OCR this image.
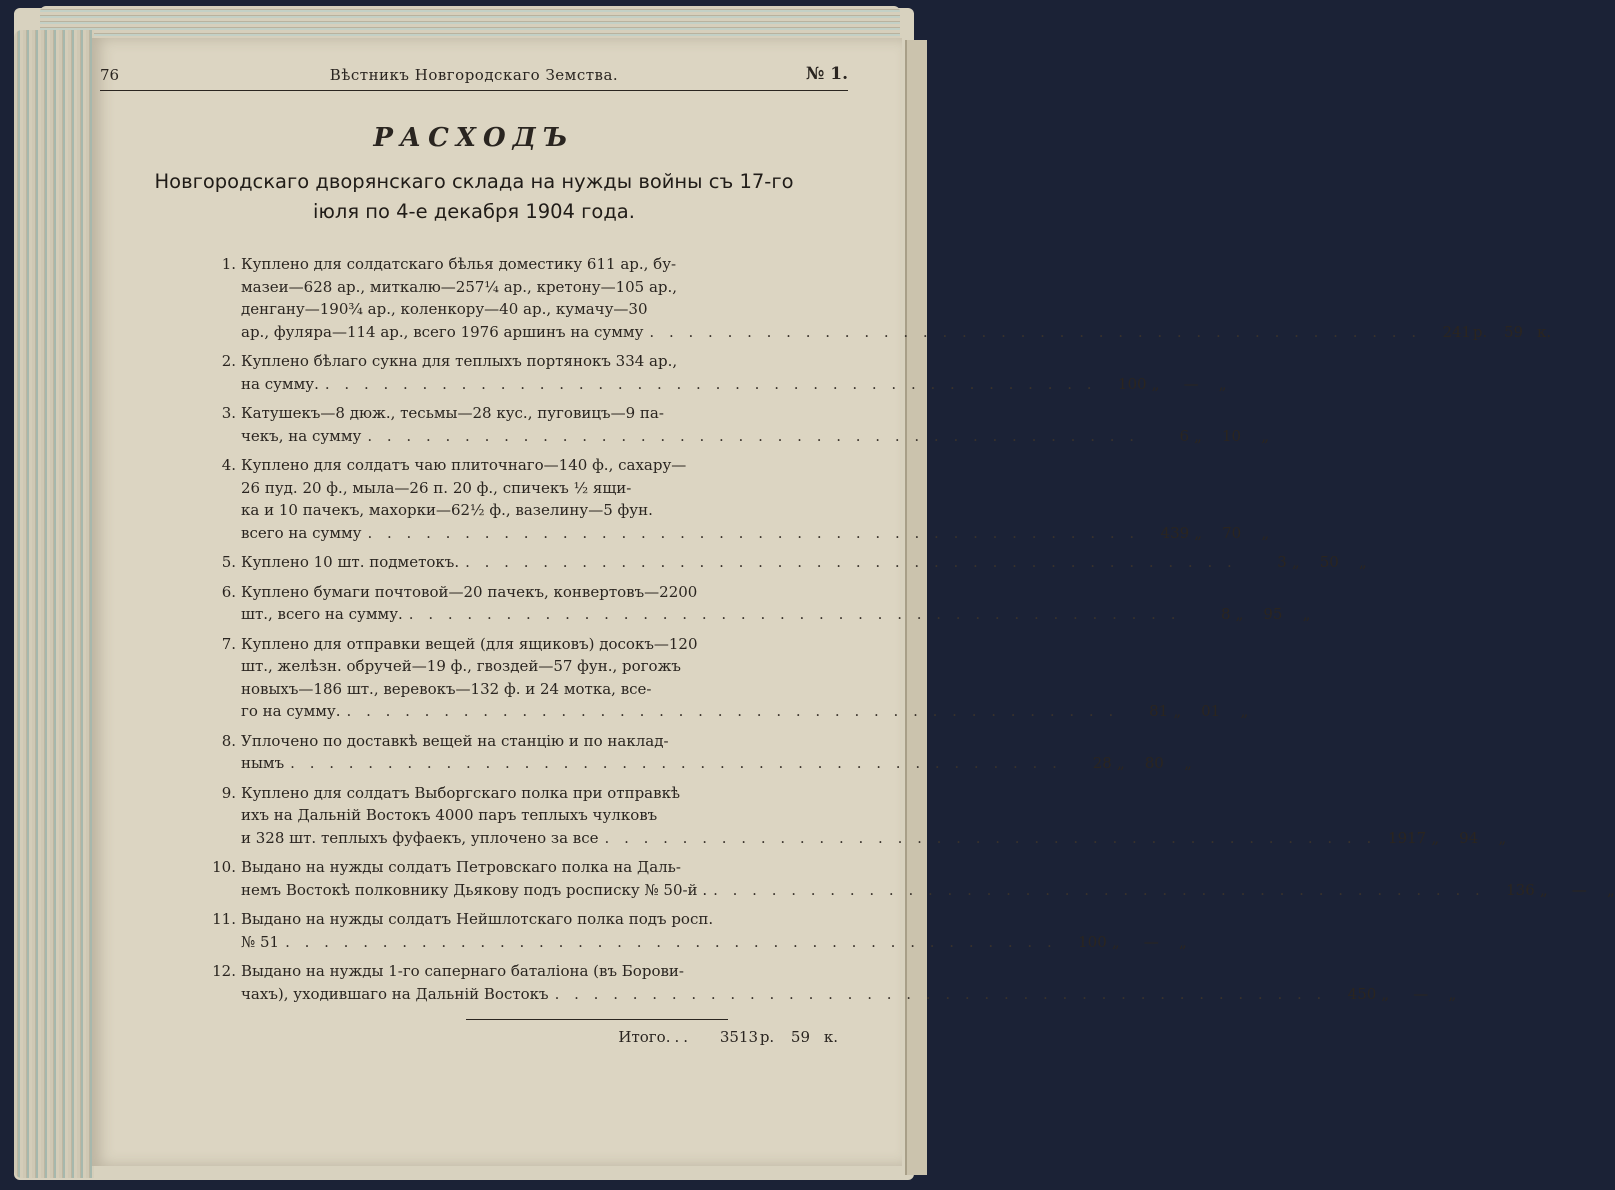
76	Вѣстникъ Новгородскаго Земства.	№ 1.
РАСХОДЪ
Новгородскаго дворянскаго склада на нужды войны съ 17-го іюля по 4-е декабря 1904 года.
1. Куплено для солдатскаго бѣлья доместику 611 ар., бу-
мазеи—628 ар., миткалю—257¼ ар., кретону—105 ар.,
денгану—190¾ ар., коленкору—40 ар., кумачу—30
ар., фуляра—114 ар., всего 1976 аршинъ на сумму . . . . . . . . . . . . . . . . . . . . . . . . . . . . . . . . . . . . . . . .	241 р.	59 к.
2. Куплено бѣлаго сукна для теплыхъ портянокъ 334 ар.,
на сумму. . . . . . . . . . . . . . . . . . . . . . . . . . . . . . . . . . . . . . . . .	100 „	—	„
3. Катушекъ—8 дюж., тесьмы—28 кус., пуговицъ—9 па-
чекъ, на сумму . . . . . . . . . . . . . . . . . . . . . . . . . . . . . . . . . . . . . . . .	6 „	10	„
4. Куплено для солдатъ чаю плиточнаго—140 ф., сахару—
26 пуд. 20 ф., мыла—26 п. 20 ф., спичекъ ½ ящи-
ка и 10 пачекъ, махорки—62½ ф., вазелину—5 фун.
всего на сумму . . . . . . . . . . . . . . . . . . . . . . . . . . . . . . . . . . . . . . . .	439 „	70	„
5. Куплено 10 шт. подметокъ. . . . . . . . . . . . . . . . . . . . . . . . . . . . . . . . . . . . . . . . .	3 „	50	„
6. Куплено бумаги почтовой—20 пачекъ, конвертовъ—2200
шт., всего на сумму. . . . . . . . . . . . . . . . . . . . . . . . . . . . . . . . . . . . . . . . .	8 „	95	„
7. Куплено для отправки вещей (для ящиковъ) досокъ—120
шт., желѣзн. обручей—19 ф., гвоздей—57 фун., рогожъ
новыхъ—186 шт., веревокъ—132 ф. и 24 мотка, все-
го на сумму. . . . . . . . . . . . . . . . . . . . . . . . . . . . . . . . . . . . . . . . .	81 „	01	„
8. Уплочено по доставкѣ вещей на станцію и по наклад-
нымъ . . . . . . . . . . . . . . . . . . . . . . . . . . . . . . . . . . . . . . . .	28 „	80	„
9. Куплено для солдатъ Выборгскаго полка при отправкѣ
ихъ на Дальній Востокъ 4000 паръ теплыхъ чулковъ
и 328 шт. теплыхъ фуфаекъ, уплочено за все . . . . . . . . . . . . . . . . . . . . . . . . . . . . . . . . . . . . . . . . 1917 „	94	„
10. Выдано на нужды солдатъ Петровскаго полка на Даль-
немъ Востокѣ полковнику Дьякову подъ росписку № 50-й . . . . . . . . . . . . . . . . . . . . . . . . . . . . . . . . . . . . . . . . .	136 „	—	„
11. Выдано на нужды солдатъ Нейшлотскаго полка подъ росп.
№ 51 . . . . . . . . . . . . . . . . . . . . . . . . . . . . . . . . . . . . . . . .	100 „	—	„
12. Выдано на нужды 1-го сапернаго баталіона (въ Борови-
чахъ), уходившаго на Дальній Востокъ . . . . . . . . . . . . . . . . . . . . . . . . . . . . . . . . . . . . . . . .	450 „	—	„
Итого...	3513 р.	59 к.
